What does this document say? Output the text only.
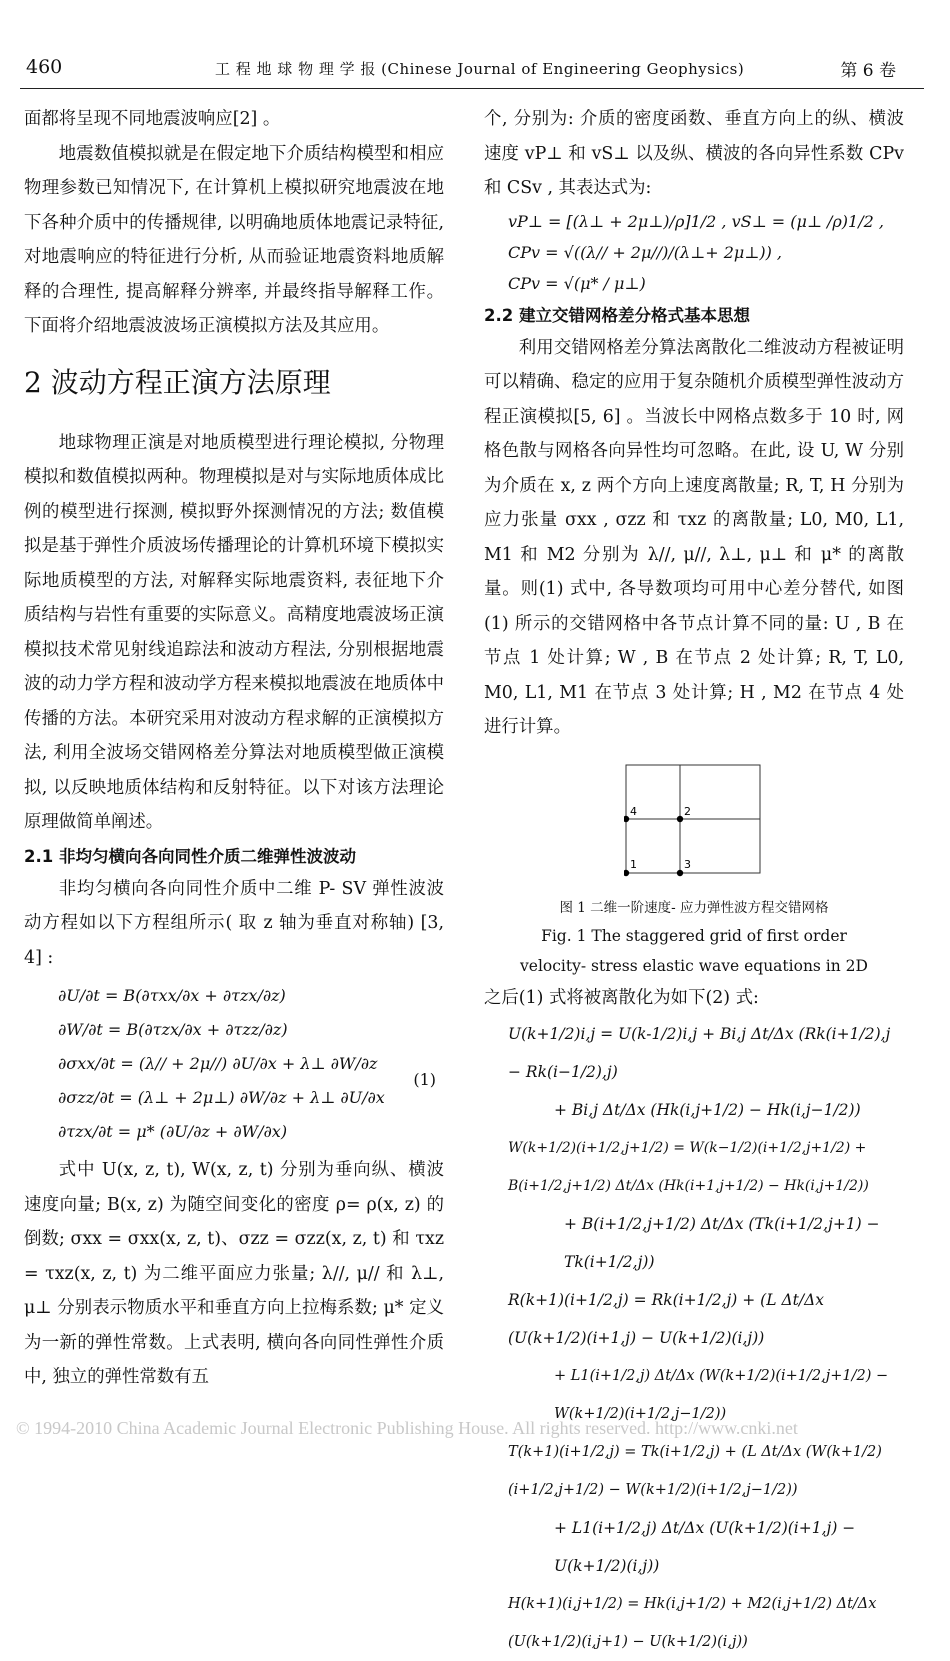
460	工 程 地 球 物 理 学 报 (Chinese Journal of Engineering Geophysics)	第 6 卷

面都将呈现不同地震波响应[2] 。

地震数值模拟就是在假定地下介质结构模型和相应物理参数已知情况下, 在计算机上模拟研究地震波在地下各种介质中的传播规律, 以明确地质体地震记录特征, 对地震响应的特征进行分析, 从而验证地震资料地质解释的合理性, 提高解释分辨率, 并最终指导解释工作。下面将介绍地震波波场正演模拟方法及其应用。

2 波动方程正演方法原理

地球物理正演是对地质模型进行理论模拟, 分物理模拟和数值模拟两种。物理模拟是对与实际地质体成比例的模型进行探测, 模拟野外探测情况的方法; 数值模拟是基于弹性介质波场传播理论的计算机环境下模拟实际地质模型的方法, 对解释实际地震资料, 表征地下介质结构与岩性有重要的实际意义。高精度地震波场正演模拟技术常见射线追踪法和波动方程法, 分别根据地震波的动力学方程和波动学方程来模拟地震波在地质体中传播的方法。本研究采用对波动方程求解的正演模拟方法, 利用全波场交错网格差分算法对地质模型做正演模拟, 以反映地质体结构和反射特征。以下对该方法理论原理做简单阐述。

2.1 非均匀横向各向同性介质二维弹性波波动

非均匀横向各向同性介质中二维 P- SV 弹性波波动方程如以下方程组所示( 取 z 轴为垂直对称轴) [3, 4] :

∂U/∂t = B(∂τxx/∂x + ∂τzx/∂z)
∂W/∂t = B(∂τzx/∂x + ∂τzz/∂z)
∂σxx/∂t = (λ// + 2μ//) ∂U/∂x + λ⊥ ∂W/∂z
∂σzz/∂t = (λ⊥ + 2μ⊥) ∂W/∂z + λ⊥ ∂U/∂x
∂τzx/∂t = μ* (∂U/∂z + ∂W/∂x)
(1)

式中 U(x, z, t), W(x, z, t) 分别为垂向纵、横波速度向量; B(x, z) 为随空间变化的密度 ρ= ρ(x, z) 的倒数; σxx = σxx(x, z, t)、σzz = σzz(x, z, t) 和 τxz = τxz(x, z, t) 为二维平面应力张量; λ//, μ// 和 λ⊥, μ⊥ 分别表示物质水平和垂直方向上拉梅系数; μ* 定义为一新的弹性常数。上式表明, 横向各向同性弹性介质中, 独立的弹性常数有五

个, 分别为: 介质的密度函数、垂直方向上的纵、横波速度 vP⊥ 和 vS⊥ 以及纵、横波的各向异性系数 CPv 和 CSv , 其表达式为:

vP⊥ = [(λ⊥ + 2μ⊥)/ρ]1/2 , vS⊥ = (μ⊥ /ρ)1/2 ,
CPv = √((λ// + 2μ//)/(λ⊥+ 2μ⊥)) ,
CPv = √(μ* / μ⊥)
2.2 建立交错网格差分格式基本思想

利用交错网格差分算法离散化二维波动方程被证明可以精确、稳定的应用于复杂随机介质模型弹性波动方程正演模拟[5, 6] 。当波长中网格点数多于 10 时, 网格色散与网格各向异性均可忽略。在此, 设 U, W 分别为介质在 x, z 两个方向上速度离散量; R, T, H 分别为应力张量 σxx , σzz 和 τxz 的离散量; L0, M0, L1, M1 和 M2 分别为 λ//, μ//, λ⊥, μ⊥ 和 μ* 的离散量。则(1) 式中, 各导数项均可用中心差分替代, 如图(1) 所示的交错网格中各节点计算不同的量: U , B 在节点 1 处计算; W , B 在节点 2 处计算; R, T, L0, M0, L1, M1 在节点 3 处计算; H , M2 在节点 4 处进行计算。

4	2
1	3
图 1 二维一阶速度- 应力弹性波方程交错网格
Fig. 1 The staggered grid of first order
velocity- stress elastic wave equations in 2D

之后(1) 式将被离散化为如下(2) 式:

U(k+1/2)i,j = U(k-1/2)i,j + Bi,j Δt/Δx (Rk(i+1/2),j − Rk(i−1/2),j)
+ Bi,j Δt/Δx (Hk(i,j+1/2) − Hk(i,j−1/2))
W(k+1/2)(i+1/2,j+1/2) = W(k−1/2)(i+1/2,j+1/2) + B(i+1/2,j+1/2) Δt/Δx (Hk(i+1,j+1/2) − Hk(i,j+1/2))
+ B(i+1/2,j+1/2) Δt/Δx (Tk(i+1/2,j+1) − Tk(i+1/2,j))
R(k+1)(i+1/2,j) = Rk(i+1/2,j) + (L Δt/Δx (U(k+1/2)(i+1,j) − U(k+1/2)(i,j))
+ L1(i+1/2,j) Δt/Δx (W(k+1/2)(i+1/2,j+1/2) − W(k+1/2)(i+1/2,j−1/2))
T(k+1)(i+1/2,j) = Tk(i+1/2,j) + (L Δt/Δx (W(k+1/2)(i+1/2,j+1/2) − W(k+1/2)(i+1/2,j−1/2))
+ L1(i+1/2,j) Δt/Δx (U(k+1/2)(i+1,j) − U(k+1/2)(i,j))
H(k+1)(i,j+1/2) = Hk(i,j+1/2) + M2(i,j+1/2) Δt/Δx (U(k+1/2)(i,j+1) − U(k+1/2)(i,j))
© 1994-2010 China Academic Journal Electronic Publishing House. All rights reserved. http://www.cnki.net
